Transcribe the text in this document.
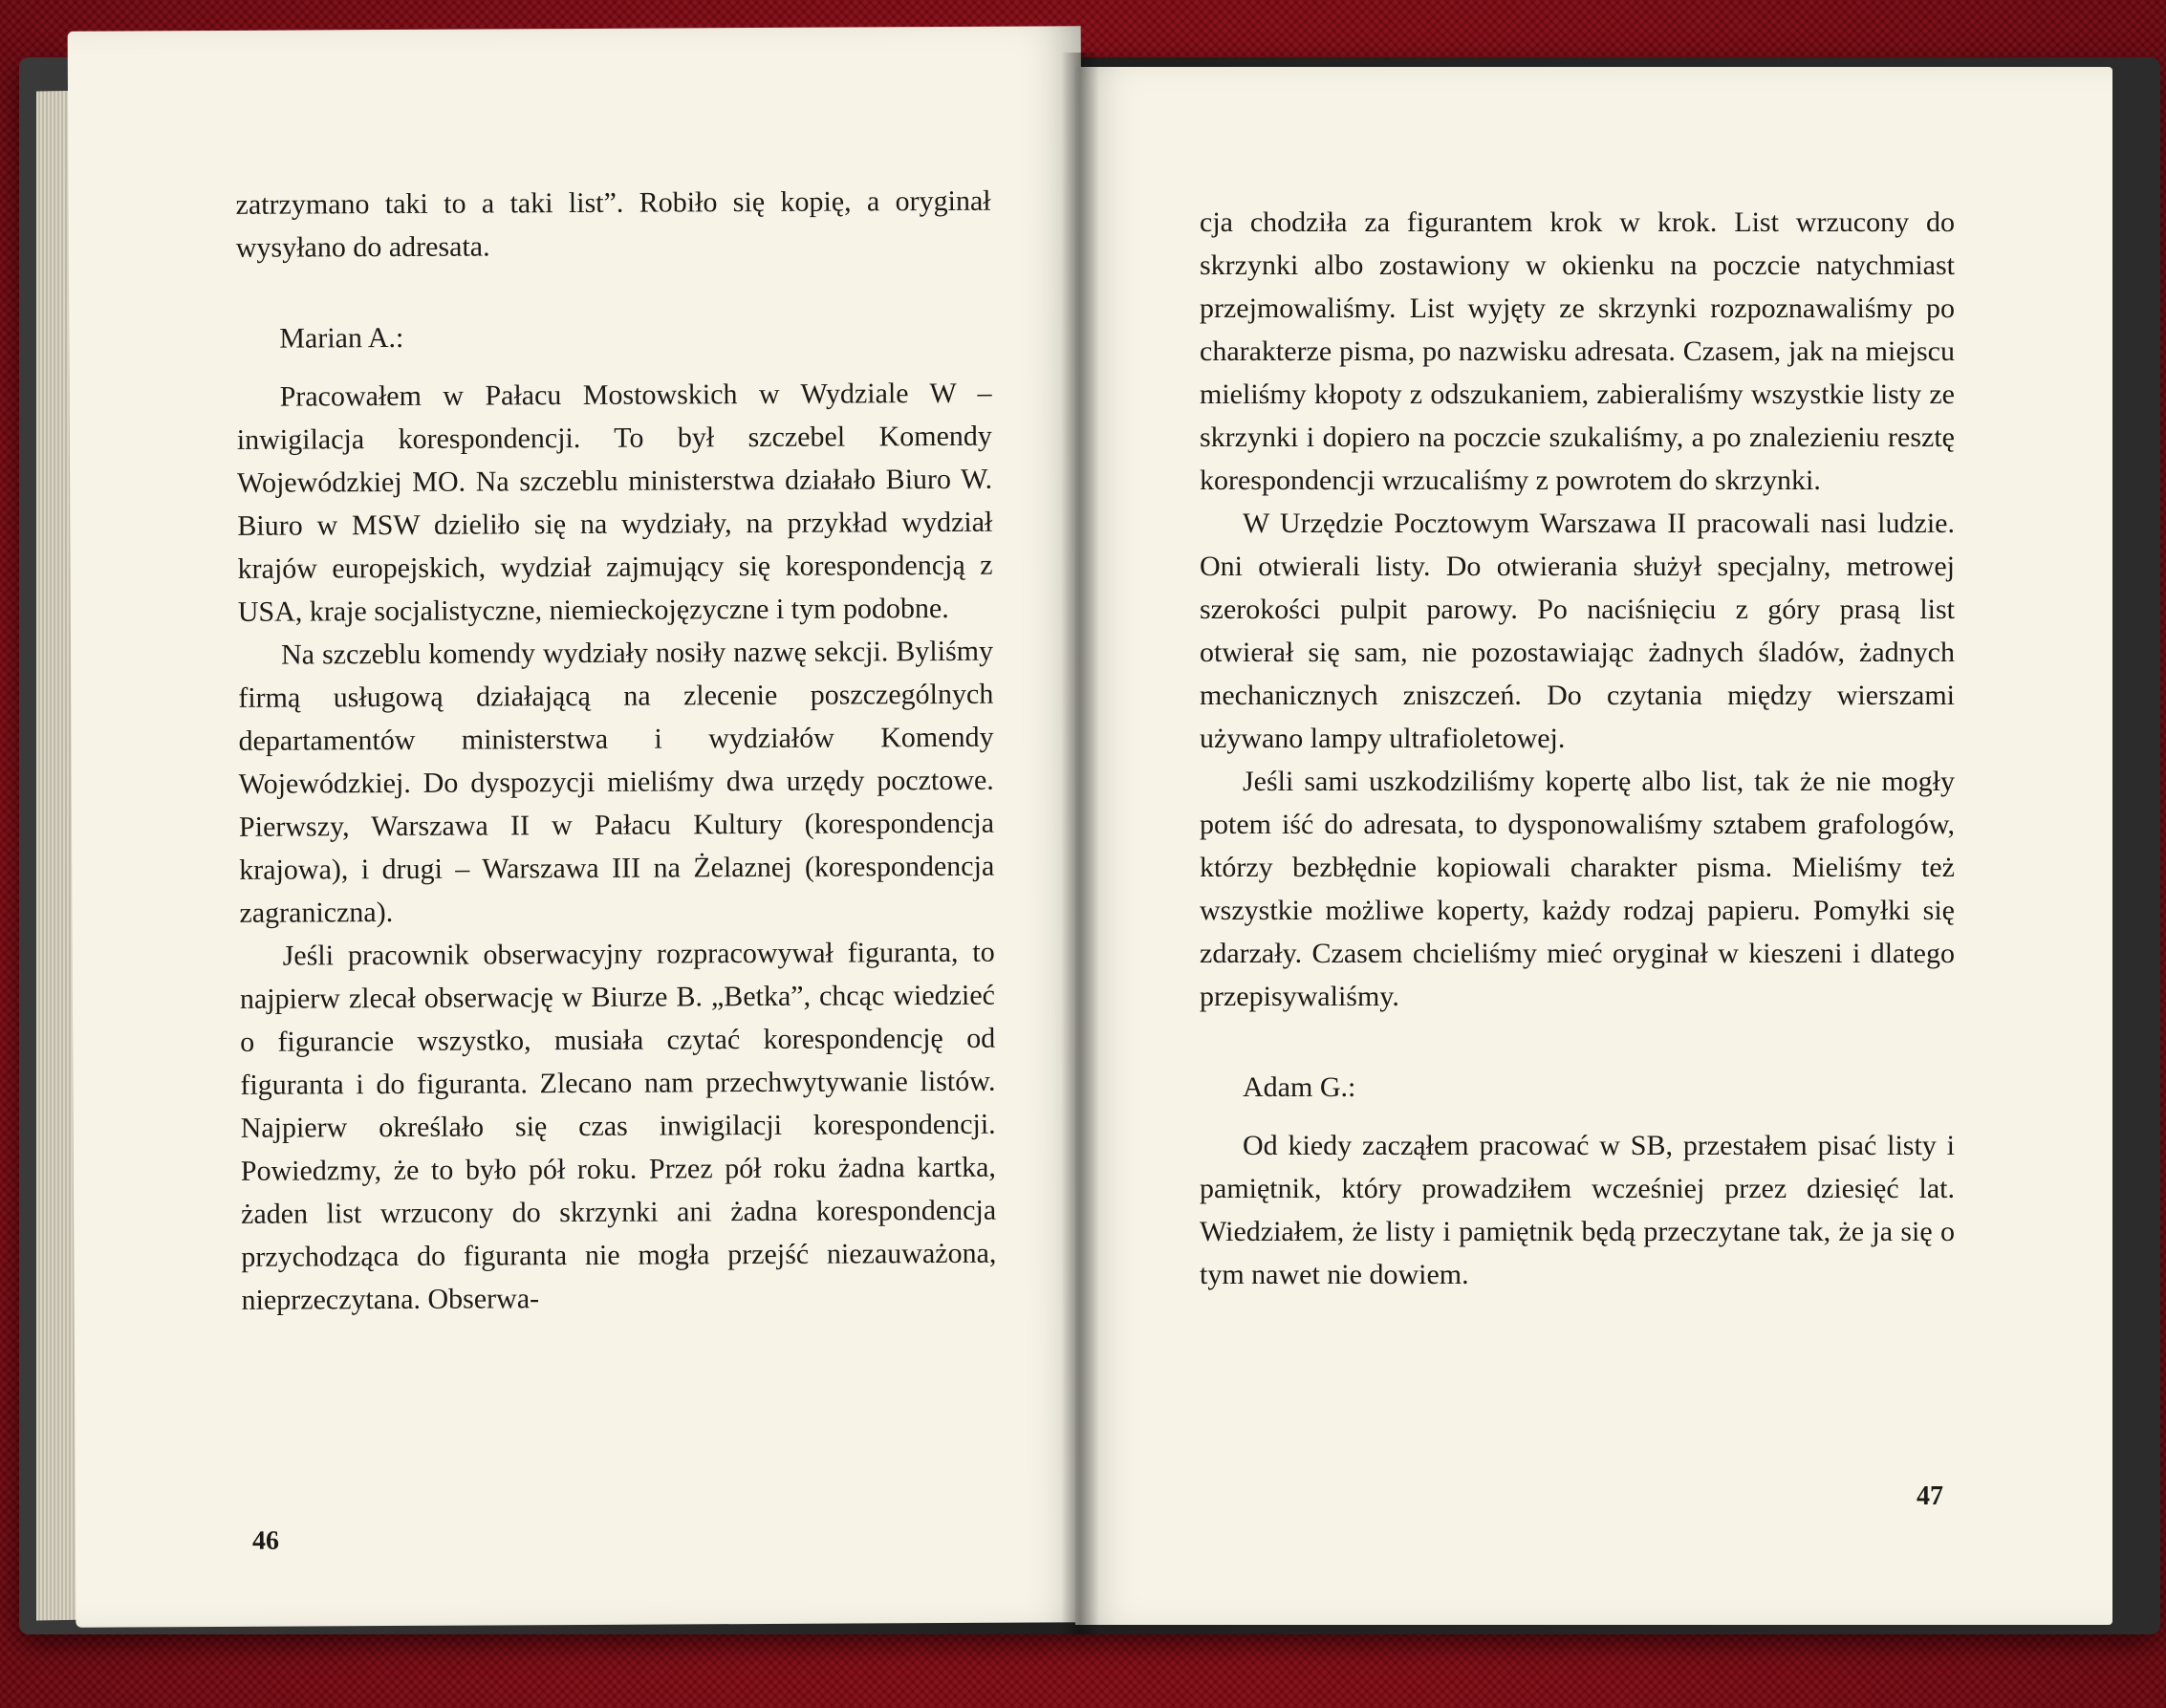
zatrzymano taki to a taki list”. Robiło się kopię, a oryginał wysyłano do adresata.

Marian A.:

Pracowałem w Pałacu Mostowskich w Wydziale W – inwigilacja korespondencji. To był szczebel Komendy Wojewódzkiej MO. Na szczeblu ministerstwa działało Biuro W. Biuro w MSW dzieliło się na wydziały, na przykład wydział krajów europejskich, wydział zajmujący się korespondencją z USA, kraje socjalistyczne, niemieckojęzyczne i tym podobne.

Na szczeblu komendy wydziały nosiły nazwę sekcji. Byliśmy firmą usługową działającą na zlecenie poszczególnych departamentów ministerstwa i wydziałów Komendy Wojewódzkiej. Do dyspozycji mieliśmy dwa urzędy pocztowe. Pierwszy, Warszawa II w Pałacu Kultury (korespondencja krajowa), i drugi – Warszawa III na Żelaznej (korespondencja zagraniczna).

Jeśli pracownik obserwacyjny rozpracowywał figuranta, to najpierw zlecał obserwację w Biurze B. „Betka”, chcąc wiedzieć o figurancie wszystko, musiała czytać korespondencję od figuranta i do figuranta. Zlecano nam przechwytywanie listów. Najpierw określało się czas inwigilacji korespondencji. Powiedzmy, że to było pół roku. Przez pół roku żadna kartka, żaden list wrzucony do skrzynki ani żadna korespondencja przychodząca do figuranta nie mogła przejść niezauważona, nieprzeczytana. Obserwa-

46

cja chodziła za figurantem krok w krok. List wrzucony do skrzynki albo zostawiony w okienku na poczcie natychmiast przejmowaliśmy. List wyjęty ze skrzynki rozpoznawaliśmy po charakterze pisma, po nazwisku adresata. Czasem, jak na miejscu mieliśmy kłopoty z odszukaniem, zabieraliśmy wszystkie listy ze skrzynki i dopiero na poczcie szukaliśmy, a po znalezieniu resztę korespondencji wrzucaliśmy z powrotem do skrzynki.

W Urzędzie Pocztowym Warszawa II pracowali nasi ludzie. Oni otwierali listy. Do otwierania służył specjalny, metrowej szerokości pulpit parowy. Po naciśnięciu z góry prasą list otwierał się sam, nie pozostawiając żadnych śladów, żadnych mechanicznych zniszczeń. Do czytania między wierszami używano lampy ultrafioletowej.

Jeśli sami uszkodziliśmy kopertę albo list, tak że nie mogły potem iść do adresata, to dysponowaliśmy sztabem grafologów, którzy bezbłędnie kopiowali charakter pisma. Mieliśmy też wszystkie możliwe koperty, każdy rodzaj papieru. Pomyłki się zdarzały. Czasem chcieliśmy mieć oryginał w kieszeni i dlatego przepisywaliśmy.

Adam G.:

Od kiedy zacząłem pracować w SB, przestałem pisać listy i pamiętnik, który prowadziłem wcześniej przez dziesięć lat. Wiedziałem, że listy i pamiętnik będą przeczytane tak, że ja się o tym nawet nie dowiem.

47
